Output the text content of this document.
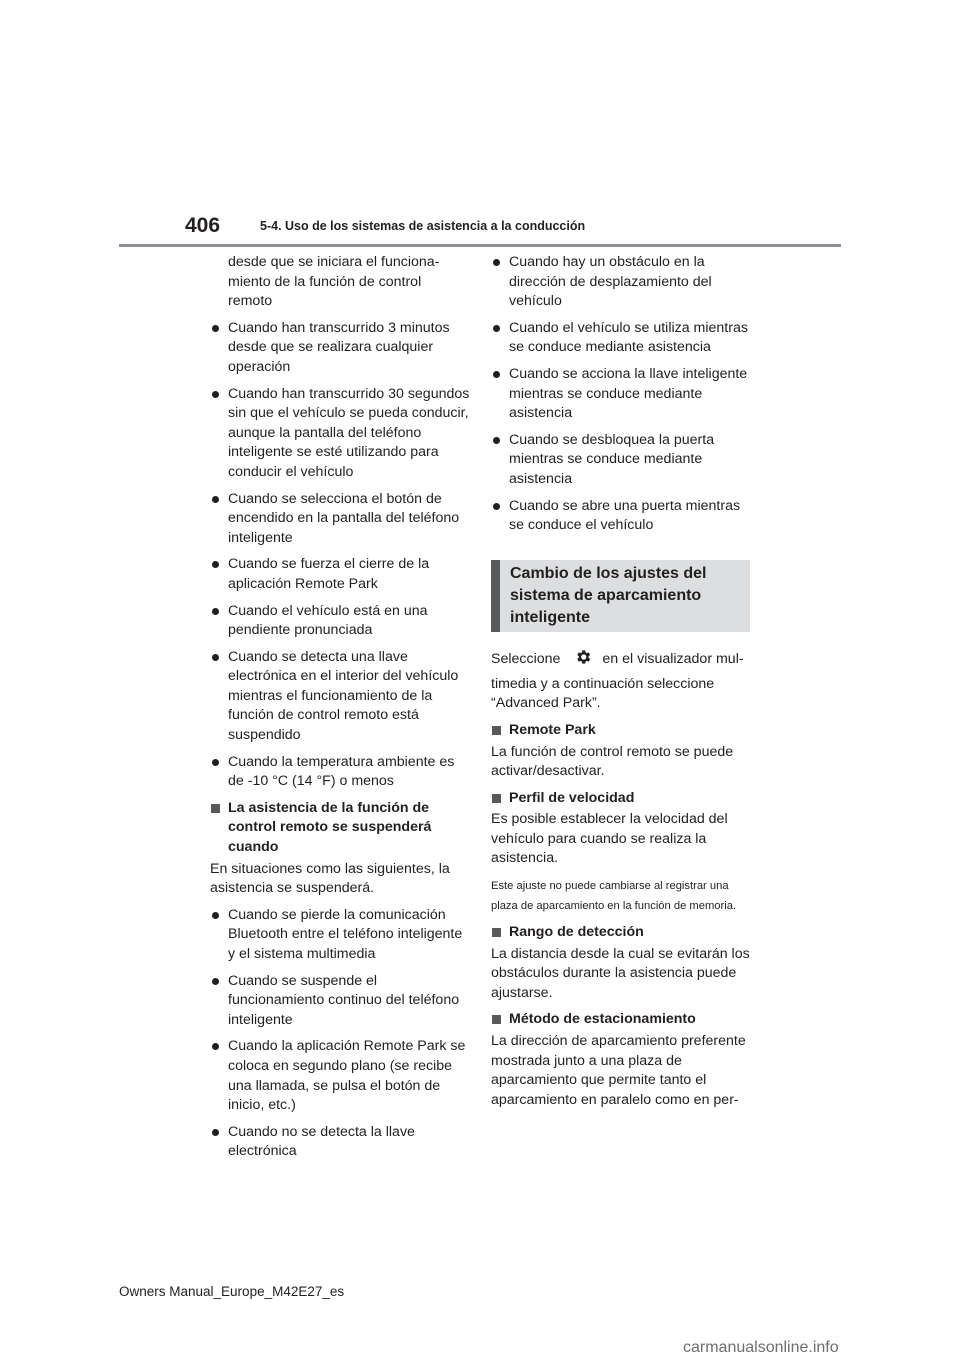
406	5-4. Uso de los sistemas de asistencia a la conducción

desde que se iniciara el funciona-
miento de la función de control
remoto

Cuando han transcurrido 3 minutos desde que se realizara cualquier operación
Cuando han transcurrido 30 segundos sin que el vehículo se pueda conducir, aunque la pantalla del teléfono inteligente se esté utilizando para conducir el vehículo
Cuando se selecciona el botón de encendido en la pantalla del teléfono inteligente
Cuando se fuerza el cierre de la aplicación Remote Park
Cuando el vehículo está en una pendiente pronunciada
Cuando se detecta una llave electrónica en el interior del vehículo mientras el funcionamiento de la función de control remoto está suspendido
Cuando la temperatura ambiente es de -10 °C (14 °F) o menos
La asistencia de la función de control remoto se suspenderá cuando

En situaciones como las siguientes, la asistencia se suspenderá.

Cuando se pierde la comunicación Bluetooth entre el teléfono inteligente y el sistema multimedia
Cuando se suspende el funcionamiento continuo del teléfono inteligente
Cuando la aplicación Remote Park se coloca en segundo plano (se recibe una llamada, se pulsa el botón de inicio, etc.)
Cuando no se detecta la llave electrónica
Cuando hay un obstáculo en la dirección de desplazamiento del vehículo
Cuando el vehículo se utiliza mientras se conduce mediante asistencia
Cuando se acciona la llave inteligente mientras se conduce mediante asistencia
Cuando se desbloquea la puerta mientras se conduce mediante asistencia
Cuando se abre una puerta mientras se conduce el vehículo
Cambio de los ajustes del sistema de aparcamiento inteligente

Seleccione	en el visualizador mul-

timedia y a continuación seleccione “Advanced Park”.

Remote Park

La función de control remoto se puede activar/desactivar.

Perfil de velocidad

Es posible establecer la velocidad del vehículo para cuando se realiza la asistencia.

Este ajuste no puede cambiarse al registrar una plaza de aparcamiento en la función de memoria.

Rango de detección

La distancia desde la cual se evitarán los obstáculos durante la asistencia puede ajustarse.

Método de estacionamiento

La dirección de aparcamiento preferente mostrada junto a una plaza de aparcamiento que permite tanto el aparcamiento en paralelo como en per-

Owners Manual_Europe_M42E27_es
carmanualsonline.info
